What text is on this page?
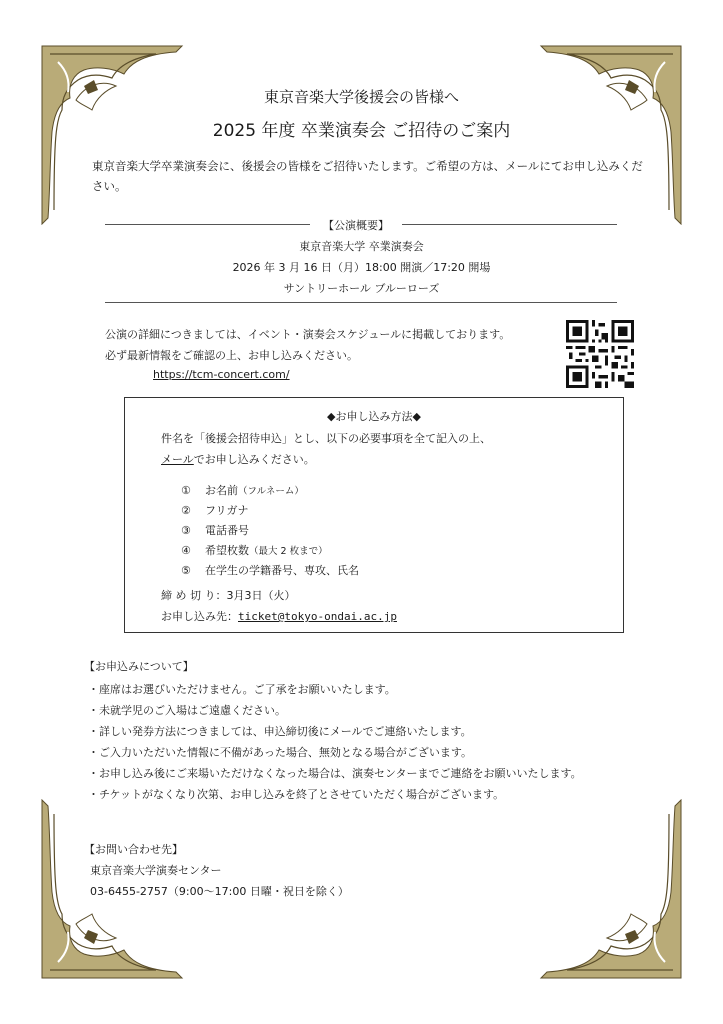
東京音楽大学後援会の皆様へ
2025 年度 卒業演奏会 ご招待のご案内
東京音楽大学卒業演奏会に、後援会の皆様をご招待いたします。ご希望の方は、メールにてお申し込みください。
【公演概要】
東京音楽大学 卒業演奏会
2026 年 3 月 16 日（月）18:00 開演／17:20 開場
サントリーホール ブルーローズ
公演の詳細につきましては、イベント・演奏会スケジュールに掲載しております。
必ず最新情報をご確認の上、お申し込みください。
https://tcm-concert.com/
◆お申し込み方法◆
件名を「後援会招待申込」とし、以下の必要事項を全て記入の上、
メールでお申し込みください。
① お名前（フルネーム）
② フリガナ
③ 電話番号
④ 希望枚数（最大 2 枚まで）
⑤ 在学生の学籍番号、専攻、氏名
締 め 切 り：3月3日（火）
お申し込み先：ticket@tokyo-ondai.ac.jp
【お申込みについて】
・座席はお選びいただけません。ご了承をお願いいたします。
・未就学児のご入場はご遠慮ください。
・詳しい発券方法につきましては、申込締切後にメールでご連絡いたします。
・ご入力いただいた情報に不備があった場合、無効となる場合がございます。
・お申し込み後にご来場いただけなくなった場合は、演奏センターまでご連絡をお願いいたします。
・チケットがなくなり次第、お申し込みを終了とさせていただく場合がございます。
【お問い合わせ先】
東京音楽大学演奏センター
03-6455-2757（9:00～17:00 日曜・祝日を除く）
